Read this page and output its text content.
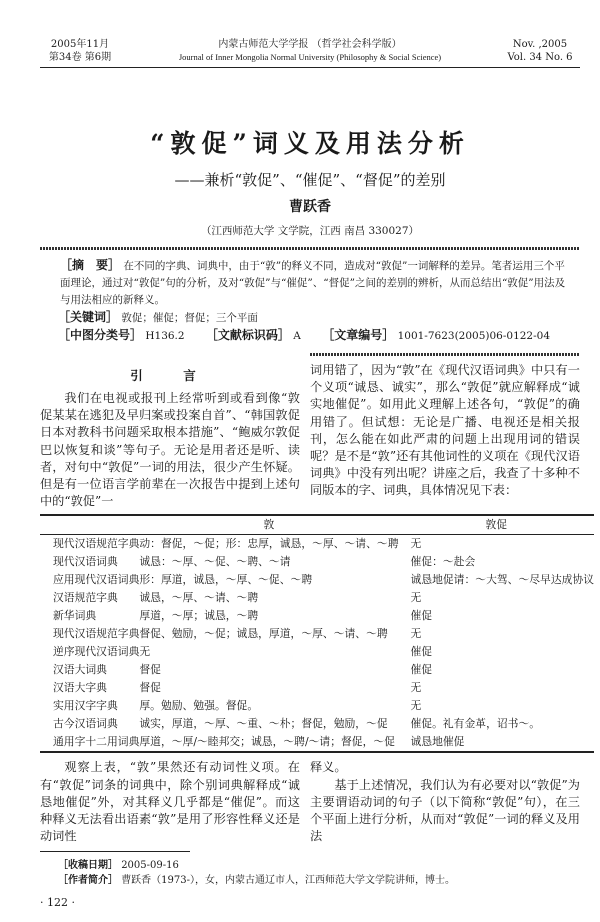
2005年11月
第34卷 第6期
内蒙古师范大学学报 （哲学社会科学版）
Journal of Inner Mongolia Normal University (Philosophy & Social Science)
Nov. ,2005
Vol. 34 No. 6
“敦促”词义及用法分析
——兼析“敦促”、“催促”、“督促”的差别
曹跃香
（江西师范大学 文学院，江西 南昌 330027）
［摘　要］ 在不同的字典、词典中，由于“敦”的释义不同，造成对“敦促”一词解释的差异。笔者运用三个平面理论，通过对“敦促”句的分析，及对“敦促”与“催促”、“督促”之间的差别的辨析，从而总结出“敦促”用法及与用法相应的新释义。
［关键词］ 敦促；催促；督促；三个平面
［中图分类号］ H136.2 ［文献标识码］ A ［文章编号］ 1001-7623(2005)06-0122-04
引　言

我们在电视或报刊上经常听到或看到像“敦促某某在逃犯及早归案或投案自首”、“韩国敦促日本对教科书问题采取根本措施”、“鲍威尔敦促巴以恢复和谈”等句子。无论是用者还是听、读者，对句中“敦促”一词的用法，很少产生怀疑。但是有一位语言学前辈在一次报告中提到上述句中的“敦促”一

词用错了，因为“敦”在《现代汉语词典》中只有一个义项“诚恳、诚实”，那么“敦促”就应解释成“诚实地催促”。如用此义理解上述各句，“敦促”的确用错了。但试想：无论是广播、电视还是相关报刊，怎么能在如此严肃的问题上出现用词的错误呢？是不是“敦”还有其他词性的义项在《现代汉语词典》中没有列出呢？讲座之后，我查了十多种不同版本的字、词典，具体情况见下表：

	敦	敦促
现代汉语规范字典	动：督促，～促；形：忠厚，诚恳，～厚、～请、～聘	无
现代汉语词典	诚恳：～厚、～促、～聘、～请	催促：～赴会
应用现代汉语词典	形：厚道，诚恳，～厚、～促、～聘	诚恳地促请：～大驾、～尽早达成协议
汉语规范字典	诚恳，～厚、～请、～聘	无
新华词典	厚道，～厚；诚恳，～聘	催促
现代汉语规范字典	督促、勉励，～促；诚恳，厚道，～厚、～请、～聘	无
逆序现代汉语词典	无	催促
汉语大词典	督促	催促
汉语大字典	督促	无
实用汉字字典	厚。勉励、勉强。督促。	无
古今汉语词典	诚实，厚道，～厚、～重、～朴；督促，勉励，～促	催促。礼有金革，诏书～。
通用字十二用词典	厚道，～厚/～睦邦交；诚恳，～聘/～请；督促，～促	诚恳地催促

观察上表，“敦”果然还有动词性义项。在有“敦促”词条的词典中，除个别词典解释成“诚恳地催促”外，对其释义几乎都是“催促”。而这种释义无法看出语素“敦”是用了形容性释义还是动词性

释义。

基于上述情况，我们认为有必要对以“敦促”为主要谓语动词的句子（以下简称“敦促”句），在三个平面上进行分析，从而对“敦促”一词的释义及用法

［收稿日期］ 2005-09-16
［作者简介］ 曹跃香（1973-），女，内蒙古通辽市人，江西师范大学文学院讲师，博士。
· 122 ·
